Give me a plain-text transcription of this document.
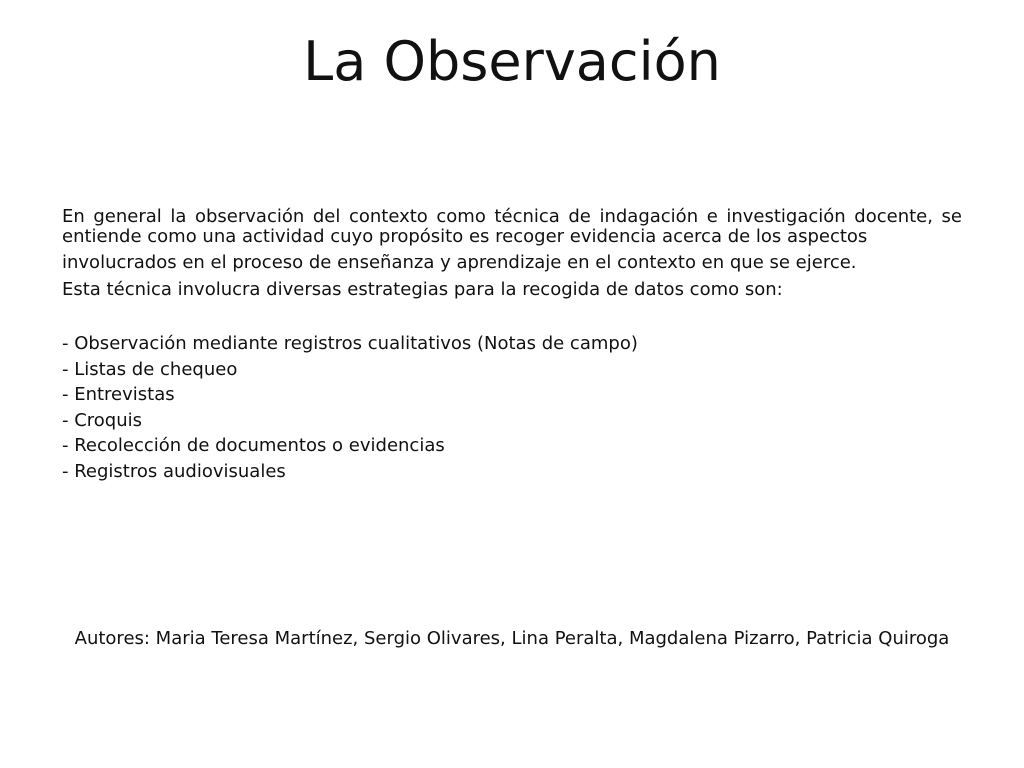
La Observación

En general la observación del contexto como técnica de indagación e investigación docente, se entiende como una actividad cuyo propósito es recoger evidencia acerca de los aspectos

involucrados en el proceso de enseñanza y aprendizaje en el contexto en que se ejerce.

Esta técnica involucra diversas estrategias para la recogida de datos como son:

- Observación mediante registros cualitativos (Notas de campo)
- Listas de chequeo
- Entrevistas
- Croquis
- Recolección de documentos o evidencias
- Registros audiovisuales

Autores: Maria Teresa Martínez, Sergio Olivares, Lina Peralta, Magdalena Pizarro, Patricia Quiroga
